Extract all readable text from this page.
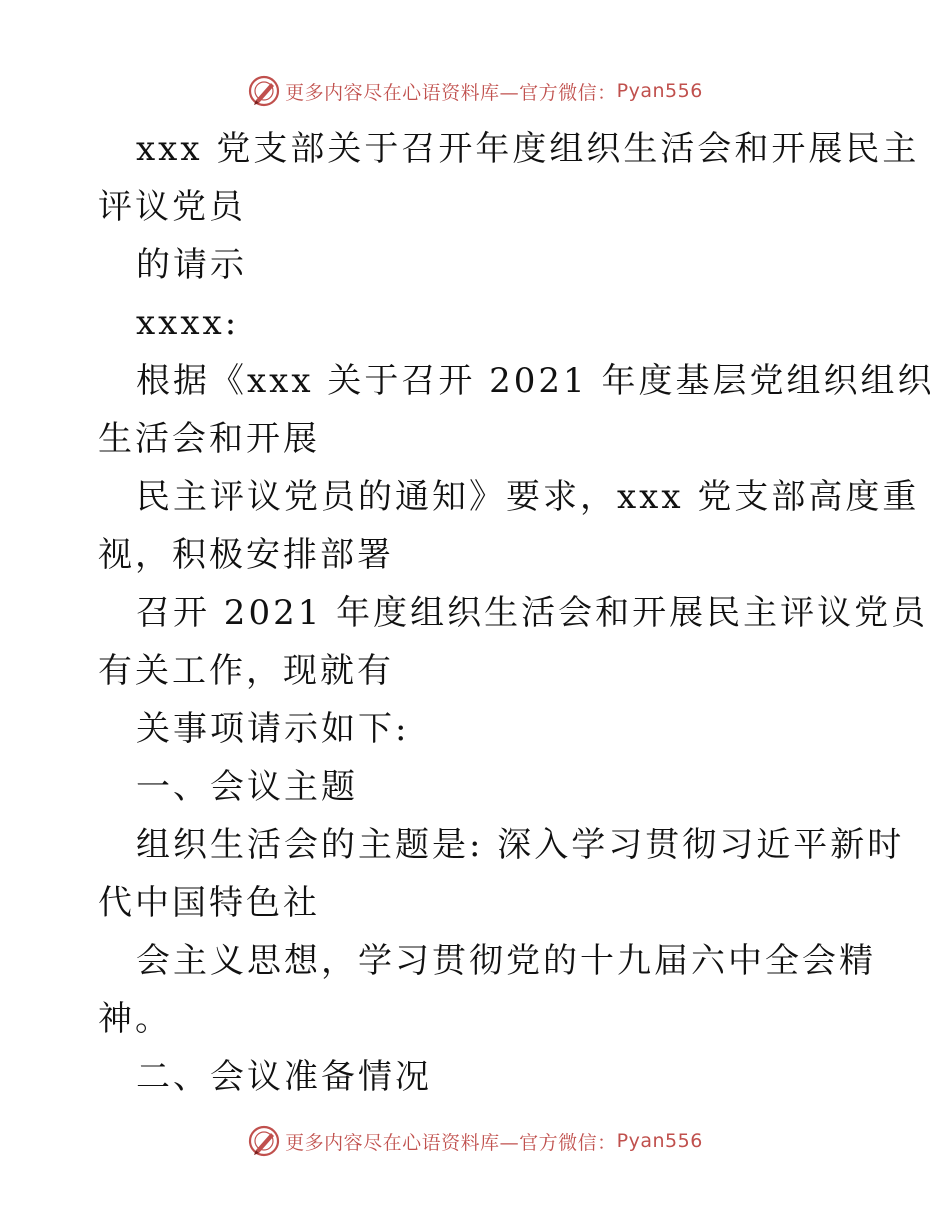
更多内容尽在心语资料库—官方微信： Pyan556
xxx 党支部关于召开年度组织生活会和开展民主
评议党员
的请示
xxxx:
根据《xxx 关于召开 2021 年度基层党组织组织
生活会和开展
民主评议党员的通知》要求，xxx 党支部高度重
视，积极安排部署
召开 2021 年度组织生活会和开展民主评议党员
有关工作，现就有
关事项请示如下:
一、会议主题
组织生活会的主题是: 深入学习贯彻习近平新时
代中国特色社
会主义思想，学习贯彻党的十九届六中全会精
神。
二、会议准备情况
更多内容尽在心语资料库—官方微信： Pyan556
